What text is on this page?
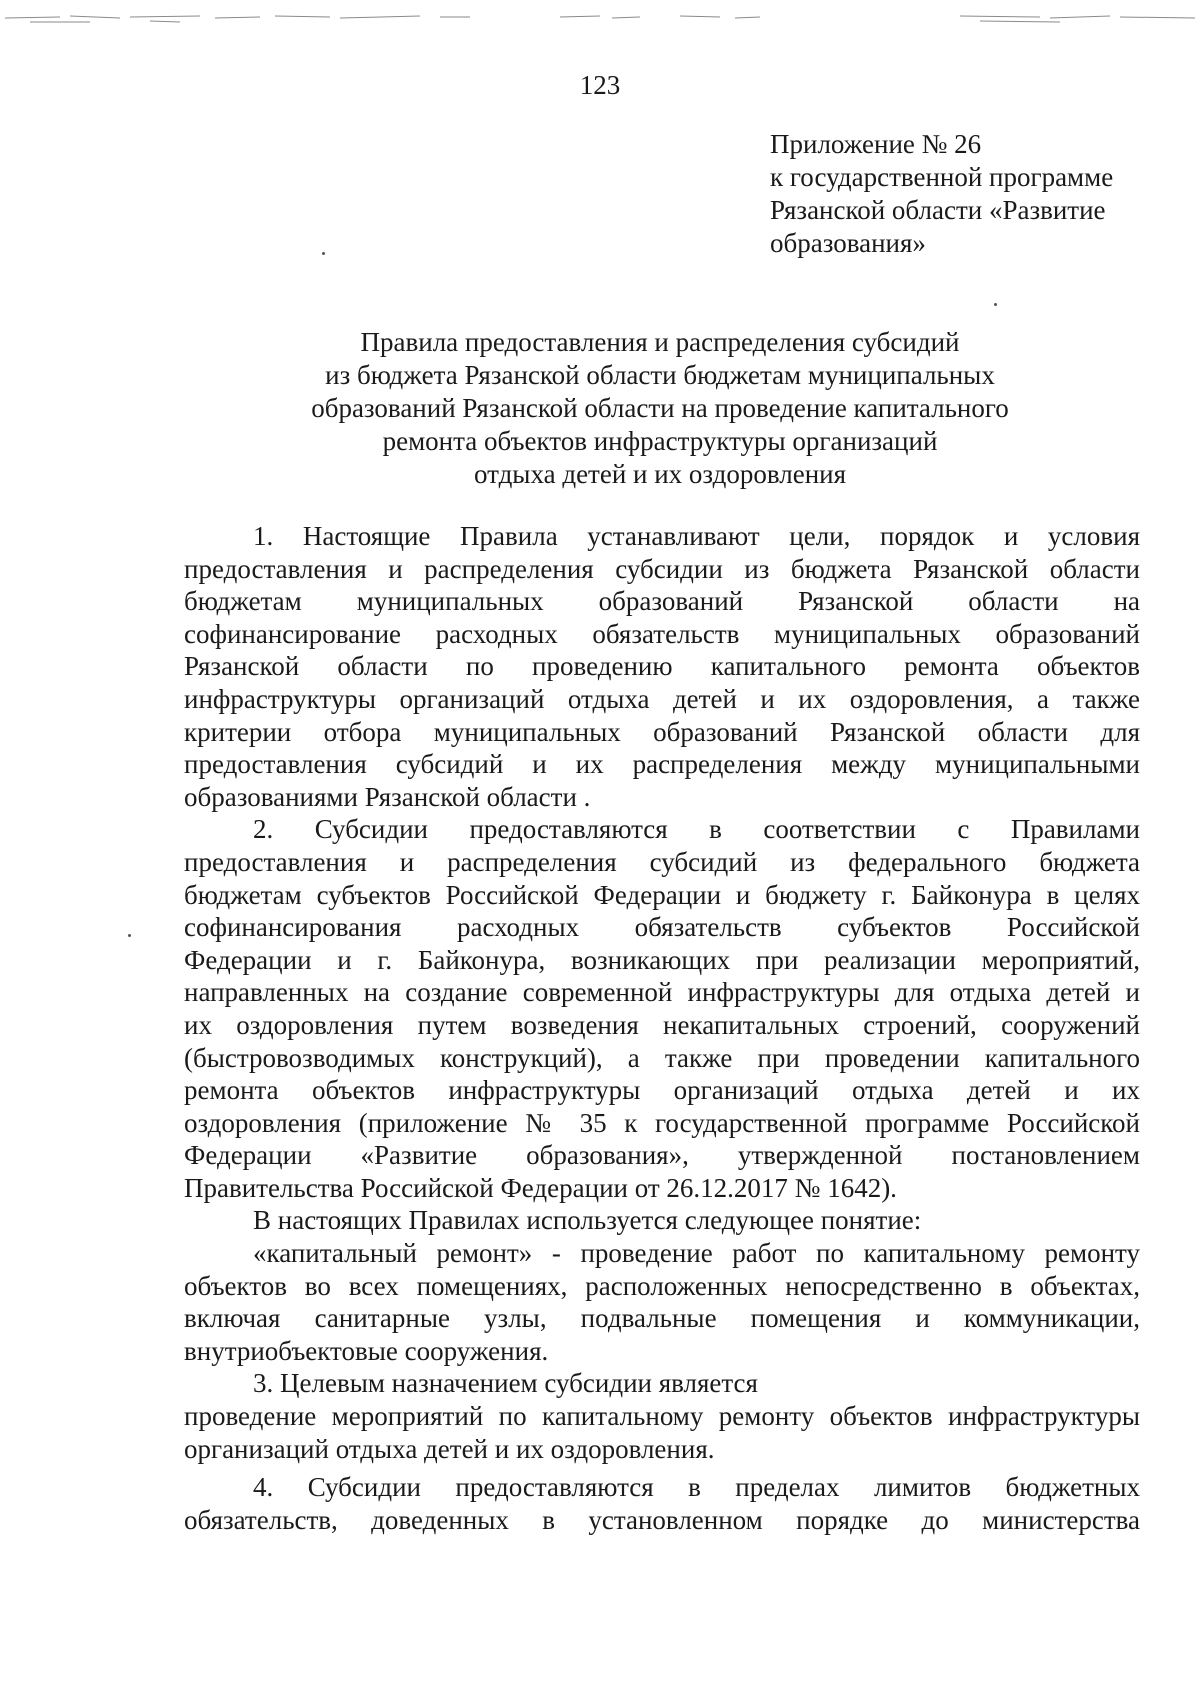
123
Приложение № 26
к государственной программе
Рязанской области «Развитие
образования»
Правила предоставления и распределения субсидий
из бюджета Рязанской области бюджетам муниципальных
образований Рязанской области на проведение капитального
ремонта объектов инфраструктуры организаций
отдыха детей и их оздоровления
1. Настоящие Правила устанавливают цели, порядок и условия
предоставления и распределения субсидии из бюджета Рязанской области
бюджетам муниципальных образований Рязанской области на
софинансирование расходных обязательств муниципальных образований
Рязанской области по проведению капитального ремонта объектов
инфраструктуры организаций отдыха детей и их оздоровления, а также
критерии отбора муниципальных образований Рязанской области для
предоставления субсидий и их распределения между муниципальными
образованиями Рязанской области .
2. Субсидии предоставляются в соответствии с Правилами
предоставления и распределения субсидий из федерального бюджета
бюджетам субъектов Российской Федерации и бюджету г. Байконура в целях
софинансирования расходных обязательств субъектов Российской
Федерации и г. Байконура, возникающих при реализации мероприятий,
направленных на создание современной инфраструктуры для отдыха детей и
их оздоровления путем возведения некапитальных строений, сооружений
(быстровозводимых конструкций), а также при проведении капитального
ремонта объектов инфраструктуры организаций отдыха детей и их
оздоровления (приложение № 35 к государственной программе Российской
Федерации «Развитие образования», утвержденной постановлением
Правительства Российской Федерации от 26.12.2017 № 1642).
В настоящих Правилах используется следующее понятие:
«капитальный ремонт» - проведение работ по капитальному ремонту
объектов во всех помещениях, расположенных непосредственно в объектах,
включая санитарные узлы, подвальные помещения и коммуникации,
внутриобъектовые сооружения.
3. Целевым назначением субсидии является
проведение мероприятий по капитальному ремонту объектов инфраструктуры
организаций отдыха детей и их оздоровления.
4. Субсидии предоставляются в пределах лимитов бюджетных
обязательств, доведенных в установленном порядке до министерства
